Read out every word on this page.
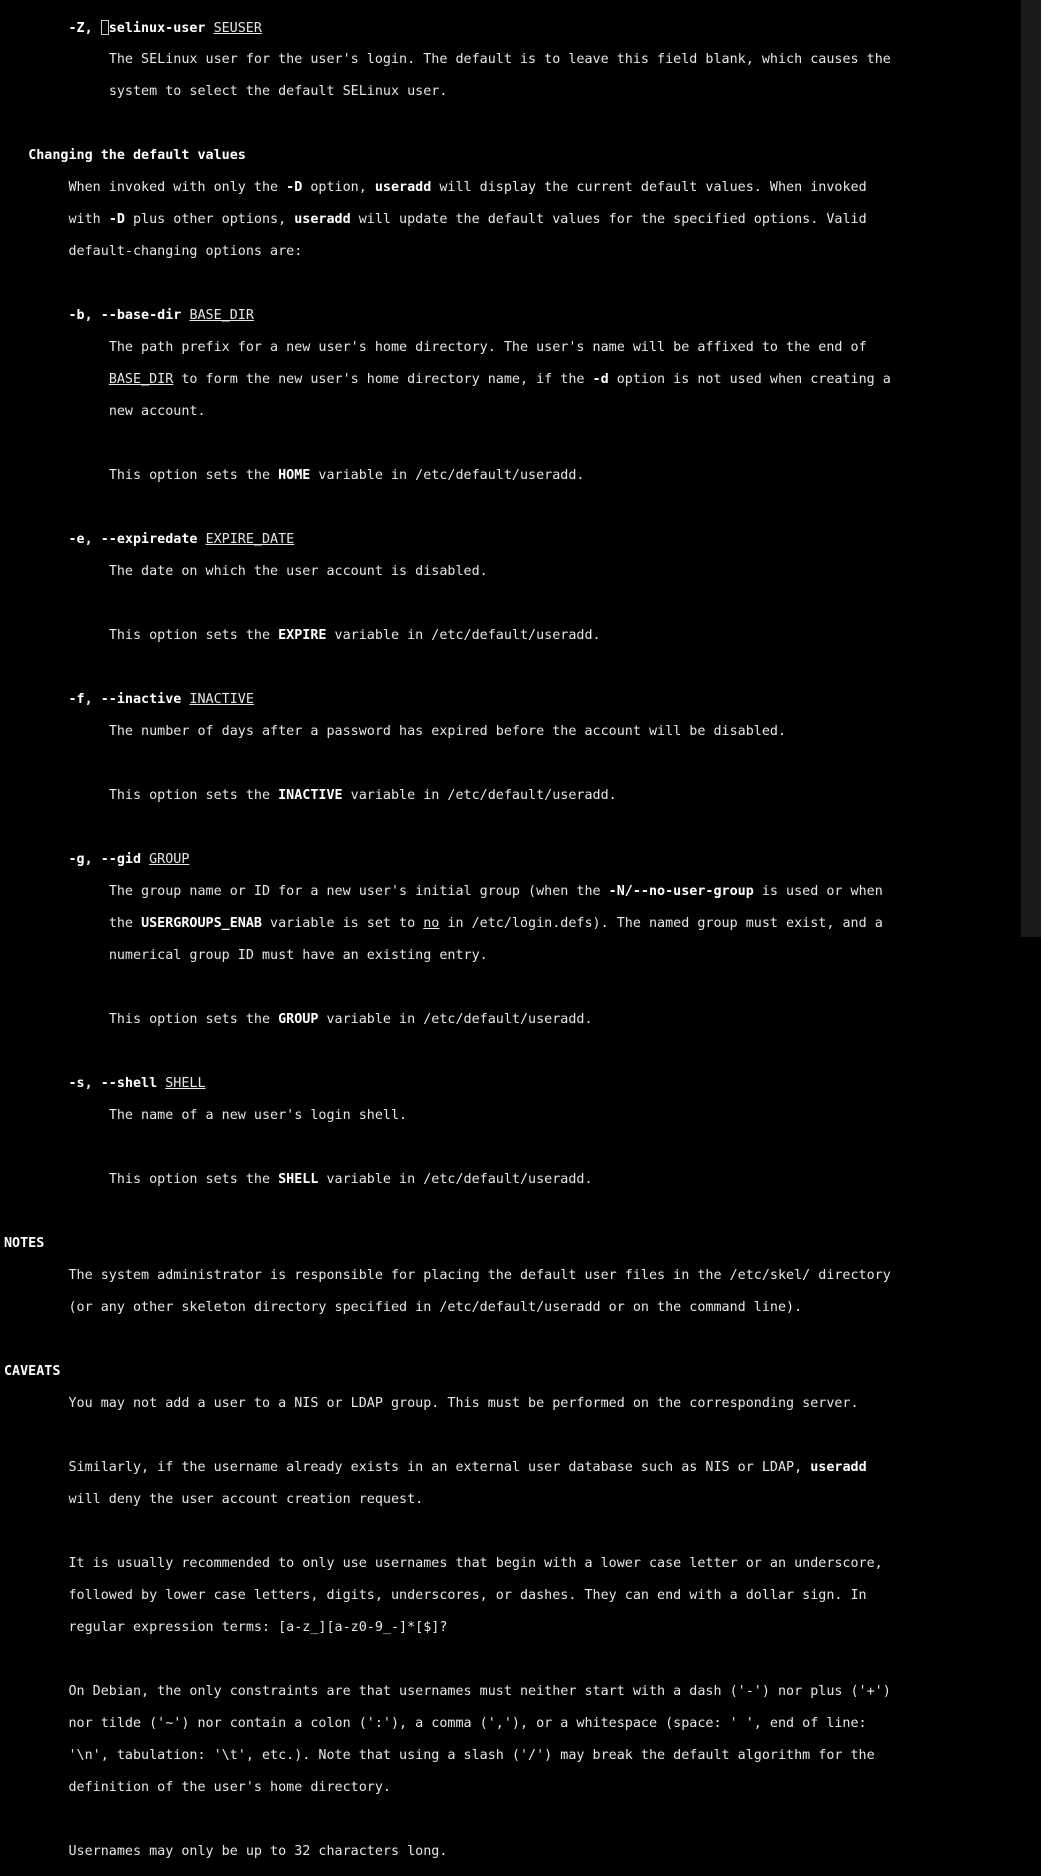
-Z, selinux-user SEUSER

The SELinux user for the user's login. The default is to leave this field blank, which causes the

system to select the default SELinux user.

Changing the default values

When invoked with only the -D option, useradd will display the current default values. When invoked

with -D plus other options, useradd will update the default values for the specified options. Valid

default-changing options are:

-b, --base-dir BASE_DIR

The path prefix for a new user's home directory. The user's name will be affixed to the end of

BASE_DIR to form the new user's home directory name, if the -d option is not used when creating a

new account.

This option sets the HOME variable in /etc/default/useradd.

-e, --expiredate EXPIRE_DATE

The date on which the user account is disabled.

This option sets the EXPIRE variable in /etc/default/useradd.

-f, --inactive INACTIVE

The number of days after a password has expired before the account will be disabled.

This option sets the INACTIVE variable in /etc/default/useradd.

-g, --gid GROUP

The group name or ID for a new user's initial group (when the -N/--no-user-group is used or when

the USERGROUPS_ENAB variable is set to no in /etc/login.defs). The named group must exist, and a

numerical group ID must have an existing entry.

This option sets the GROUP variable in /etc/default/useradd.

-s, --shell SHELL

The name of a new user's login shell.

This option sets the SHELL variable in /etc/default/useradd.

NOTES

The system administrator is responsible for placing the default user files in the /etc/skel/ directory

(or any other skeleton directory specified in /etc/default/useradd or on the command line).

CAVEATS

You may not add a user to a NIS or LDAP group. This must be performed on the corresponding server.

Similarly, if the username already exists in an external user database such as NIS or LDAP, useradd

will deny the user account creation request.

It is usually recommended to only use usernames that begin with a lower case letter or an underscore,

followed by lower case letters, digits, underscores, or dashes. They can end with a dollar sign. In

regular expression terms: [a-z_][a-z0-9_-]*[$]?

On Debian, the only constraints are that usernames must neither start with a dash ('-') nor plus ('+')

nor tilde ('~') nor contain a colon (':'), a comma (','), or a whitespace (space: ' ', end of line:

'\n', tabulation: '\t', etc.). Note that using a slash ('/') may break the default algorithm for the

definition of the user's home directory.

Usernames may only be up to 32 characters long.
